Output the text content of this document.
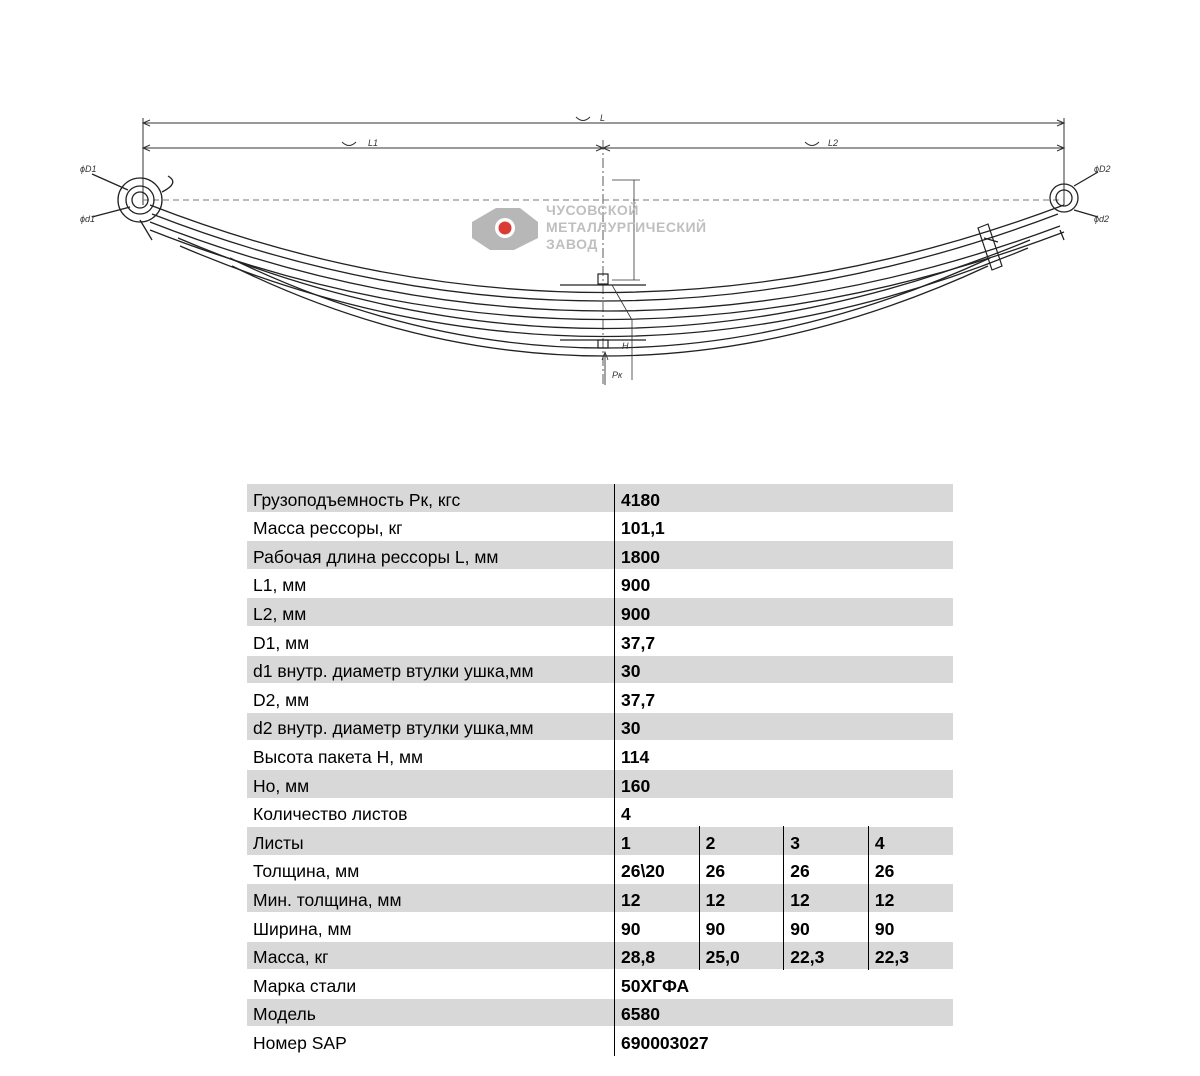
L
L1	L2
ϕD1
ϕd1
ϕD2
ϕd2
H
Pк
ЧУСОВСКОЙ
МЕТАЛЛУРГИЧЕСКИЙ
ЗАВОД
Грузоподъемность Pк, кгс	4180			
Масса рессоры, кг	101,1			
Рабочая длина рессоры L, мм	1800			
L1, мм	900			
L2, мм	900			
D1, мм	37,7			
d1 внутр. диаметр втулки ушка,мм	30			
D2, мм	37,7			
d2 внутр. диаметр втулки ушка,мм	30			
Высота пакета H, мм	114			
Ho, мм	160			
Количество листов	4			
Листы	1	2	3	4
Толщина, мм	26\20	26	26	26
Мин. толщина, мм	12	12	12	12
Ширина, мм	90	90	90	90
Масса, кг	28,8	25,0	22,3	22,3
Марка стали	50ХГФА			
Модель	6580			
Номер SAP	690003027			
